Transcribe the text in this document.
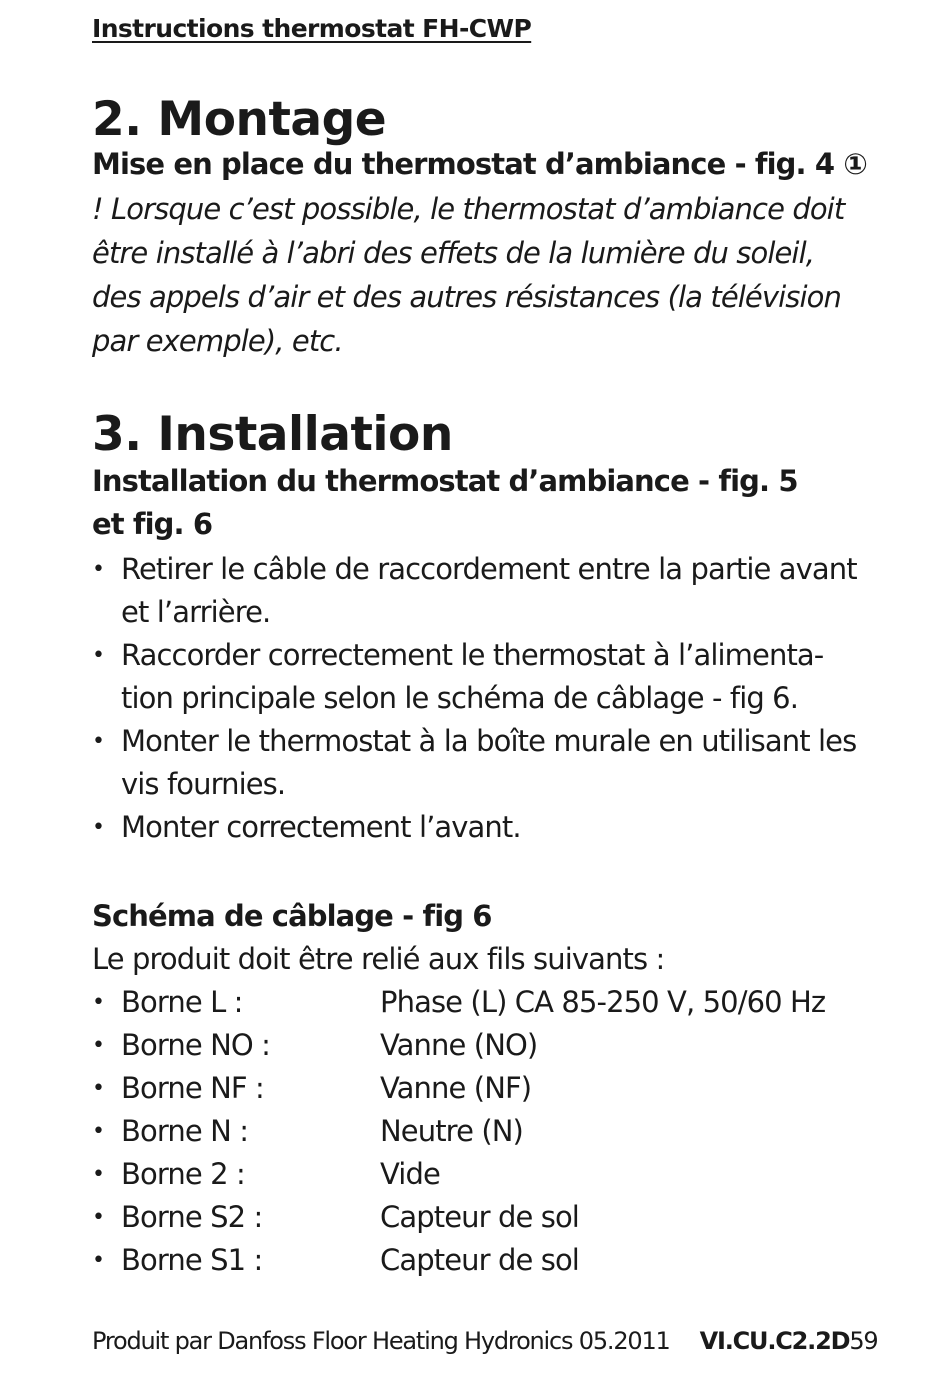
Instructions thermostat FH-CWP
2. Montage

Mise en place du thermostat d’ambiance - fig. 4 ①

! Lorsque c’est possible, le thermostat d’ambiance doit être installé à l’abri des effets de la lumière du soleil, des appels d’air et des autres résistances (la télévision par exemple), etc.

3. Installation

Installation du thermostat d’ambiance - fig. 5 et fig. 6

• Retirer le câble de raccordement entre la partie avant et l’arrière.
• Raccorder correctement le thermostat à l’alimenta-tion principale selon le schéma de câblage - fig 6.
• Monter le thermostat à la boîte murale en utilisant les vis fournies.
• Monter correctement l’avant.

Schéma de câblage - fig 6

Le produit doit être relié aux fils suivants :

• Borne L :	Phase (L) CA 85-250 V, 50/60 Hz
• Borne NO :	Vanne (NO)
• Borne NF :	Vanne (NF)
• Borne N :	Neutre (N)
• Borne 2 :	Vide
• Borne S2 :	Capteur de sol
• Borne S1 :	Capteur de sol
Produit par Danfoss Floor Heating Hydronics 05.2011 VI.CU.C2.2D 59
